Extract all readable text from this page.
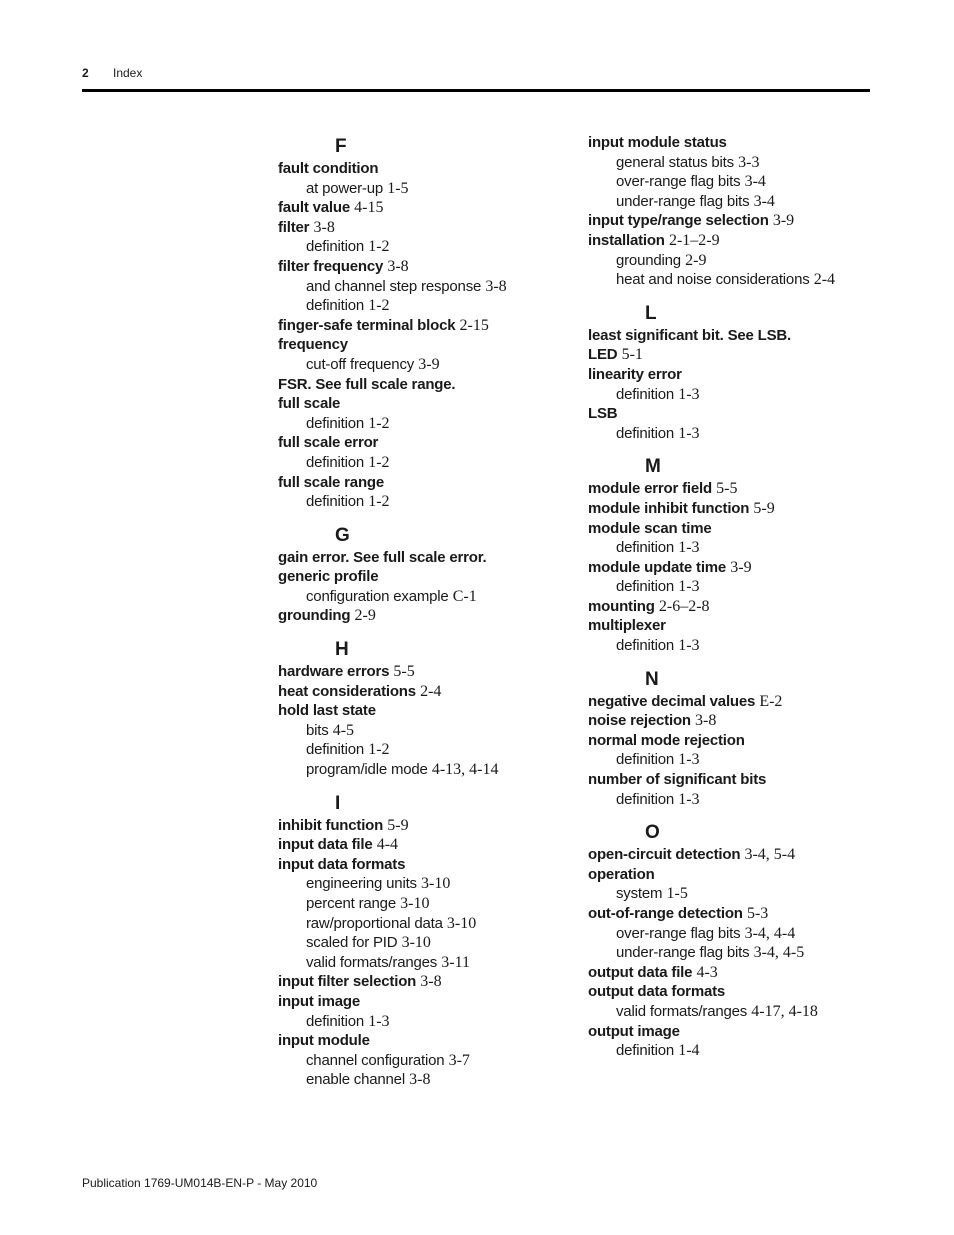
2 Index
F
fault condition
at power-up 1-5
fault value 4-15
filter 3-8
definition 1-2
filter frequency 3-8
and channel step response 3-8
definition 1-2
finger-safe terminal block 2-15
frequency
cut-off frequency 3-9
FSR. See full scale range.
full scale
definition 1-2
full scale error
definition 1-2
full scale range
definition 1-2
G
gain error. See full scale error.
generic profile
configuration example C-1
grounding 2-9
H
hardware errors 5-5
heat considerations 2-4
hold last state
bits 4-5
definition 1-2
program/idle mode 4-13, 4-14
I
inhibit function 5-9
input data file 4-4
input data formats
engineering units 3-10
percent range 3-10
raw/proportional data 3-10
scaled for PID 3-10
valid formats/ranges 3-11
input filter selection 3-8
input image
definition 1-3
input module
channel configuration 3-7
enable channel 3-8
input module status
general status bits 3-3
over-range flag bits 3-4
under-range flag bits 3-4
input type/range selection 3-9
installation 2-1–2-9
grounding 2-9
heat and noise considerations 2-4
L
least significant bit. See LSB.
LED 5-1
linearity error
definition 1-3
LSB
definition 1-3
M
module error field 5-5
module inhibit function 5-9
module scan time
definition 1-3
module update time 3-9
definition 1-3
mounting 2-6–2-8
multiplexer
definition 1-3
N
negative decimal values E-2
noise rejection 3-8
normal mode rejection
definition 1-3
number of significant bits
definition 1-3
O
open-circuit detection 3-4, 5-4
operation
system 1-5
out-of-range detection 5-3
over-range flag bits 3-4, 4-4
under-range flag bits 3-4, 4-5
output data file 4-3
output data formats
valid formats/ranges 4-17, 4-18
output image
definition 1-4
Publication 1769-UM014B-EN-P - May 2010
